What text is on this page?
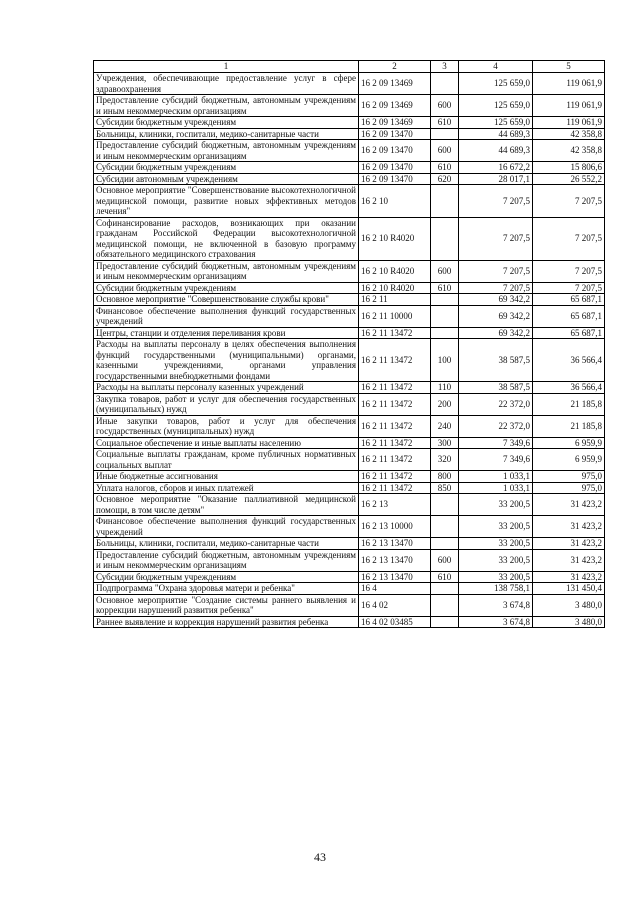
1	2	3	4	5
Учреждения, обеспечивающие предоставление услуг в сфере здравоохранения	16 2 09 13469		125 659,0	119 061,9
Предоставление субсидий бюджетным, автономным учреждениям и иным некоммерческим организациям	16 2 09 13469	600	125 659,0	119 061,9
Субсидии бюджетным учреждениям	16 2 09 13469	610	125 659,0	119 061,9
Больницы, клиники, госпитали, медико-санитарные части	16 2 09 13470		44 689,3	42 358,8
Предоставление субсидий бюджетным, автономным учреждениям и иным некоммерческим организациям	16 2 09 13470	600	44 689,3	42 358,8
Субсидии бюджетным учреждениям	16 2 09 13470	610	16 672,2	15 806,6
Субсидии автономным учреждениям	16 2 09 13470	620	28 017,1	26 552,2
Основное мероприятие "Совершенствование высокотехнологичной медицинской помощи, развитие новых эффективных методов лечения"	16 2 10		7 207,5	7 207,5
Софинансирование расходов, возникающих при оказании гражданам Российской Федерации высокотехнологичной медицинской помощи, не включенной в базовую программу обязательного медицинского страхования	16 2 10 R4020		7 207,5	7 207,5
Предоставление субсидий бюджетным, автономным учреждениям и иным некоммерческим организациям	16 2 10 R4020	600	7 207,5	7 207,5
Субсидии бюджетным учреждениям	16 2 10 R4020	610	7 207,5	7 207,5
Основное мероприятие "Совершенствование службы крови"	16 2 11		69 342,2	65 687,1
Финансовое обеспечение выполнения функций государственных учреждений	16 2 11 10000		69 342,2	65 687,1
Центры, станции и отделения переливания крови	16 2 11 13472		69 342,2	65 687,1
Расходы на выплаты персоналу в целях обеспечения выполнения функций государственными (муниципальными) органами, казенными учреждениями, органами управления государственными внебюджетными фондами	16 2 11 13472	100	38 587,5	36 566,4
Расходы на выплаты персоналу казенных учреждений	16 2 11 13472	110	38 587,5	36 566,4
Закупка товаров, работ и услуг для обеспечения государственных (муниципальных) нужд	16 2 11 13472	200	22 372,0	21 185,8
Иные закупки товаров, работ и услуг для обеспечения государственных (муниципальных) нужд	16 2 11 13472	240	22 372,0	21 185,8
Социальное обеспечение и иные выплаты населению	16 2 11 13472	300	7 349,6	6 959,9
Социальные выплаты гражданам, кроме публичных нормативных социальных выплат	16 2 11 13472	320	7 349,6	6 959,9
Иные бюджетные ассигнования	16 2 11 13472	800	1 033,1	975,0
Уплата налогов, сборов и иных платежей	16 2 11 13472	850	1 033,1	975,0
Основное мероприятие "Оказание паллиативной медицинской помощи, в том числе детям"	16 2 13		33 200,5	31 423,2
Финансовое обеспечение выполнения функций государственных учреждений	16 2 13 10000		33 200,5	31 423,2
Больницы, клиники, госпитали, медико-санитарные части	16 2 13 13470		33 200,5	31 423,2
Предоставление субсидий бюджетным, автономным учреждениям и иным некоммерческим организациям	16 2 13 13470	600	33 200,5	31 423,2
Субсидии бюджетным учреждениям	16 2 13 13470	610	33 200,5	31 423,2
Подпрограмма "Охрана здоровья матери и ребенка"	16 4		138 758,1	131 450,4
Основное мероприятие "Создание системы раннего выявления и коррекции нарушений развития ребенка"	16 4 02		3 674,8	3 480,0
Раннее выявление и коррекция нарушений развития ребенка	16 4 02 03485		3 674,8	3 480,0
43
